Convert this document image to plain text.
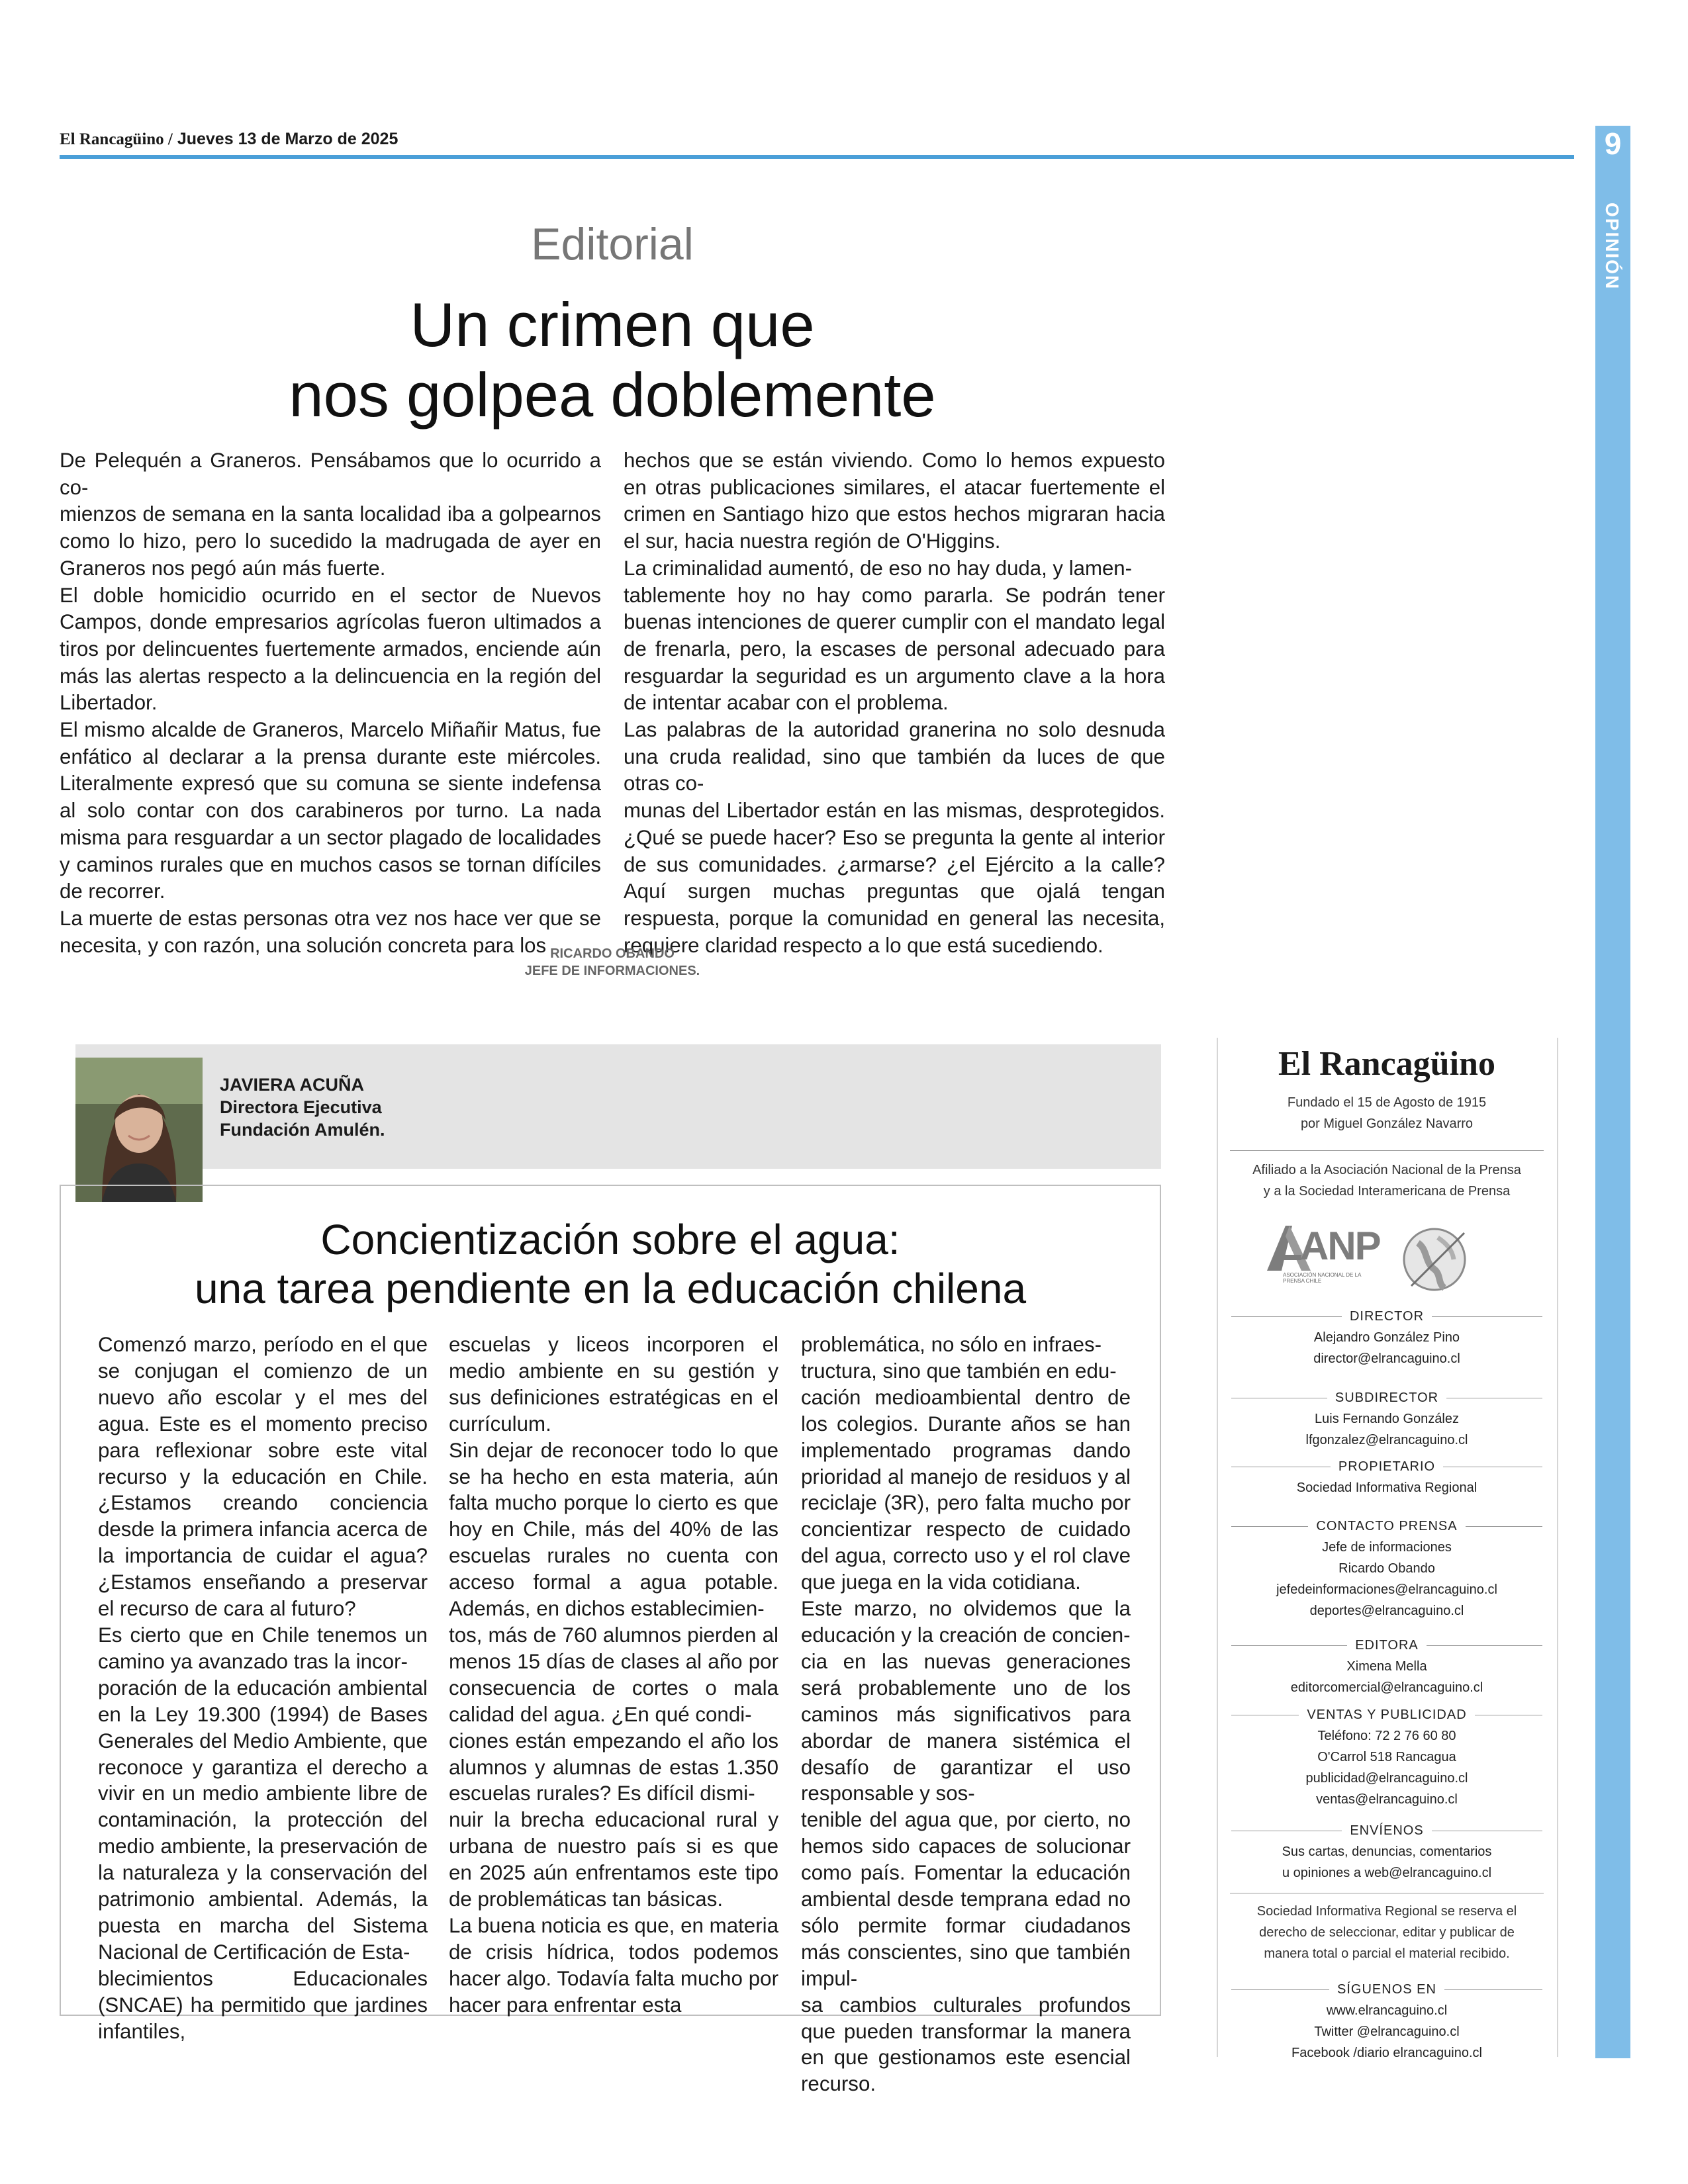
El Rancagüino / Jueves 13 de Marzo de 2025	9
OPINIÓN
Editorial
Un crimen que
nos golpea doblemente
De Pelequén a Graneros. Pensábamos que lo ocurrido a co-
mienzos de semana en la santa localidad iba a golpearnos como lo hizo, pero lo sucedido la madrugada de ayer en Graneros nos pegó aún más fuerte.
El doble homicidio ocurrido en el sector de Nuevos Campos, donde empresarios agrícolas fueron ultimados a tiros por delincuentes fuertemente armados, enciende aún más las alertas respecto a la delincuencia en la región del Libertador.
El mismo alcalde de Graneros, Marcelo Miñañir Matus, fue enfático al declarar a la prensa durante este miércoles. Literalmente expresó que su comuna se siente indefensa al solo contar con dos carabineros por turno. La nada misma para resguardar a un sector plagado de localidades y caminos rurales que en muchos casos se tornan difíciles de recorrer.
La muerte de estas personas otra vez nos hace ver que se necesita, y con razón, una solución concreta para los
hechos que se están viviendo. Como lo hemos expuesto en otras publicaciones similares, el atacar fuertemente el crimen en Santiago hizo que estos hechos migraran hacia el sur, hacia nuestra región de O'Higgins.
La criminalidad aumentó, de eso no hay duda, y lamen-
tablemente hoy no hay como pararla. Se podrán tener buenas intenciones de querer cumplir con el mandato legal de frenarla, pero, la escases de personal adecuado para resguardar la seguridad es un argumento clave a la hora de intentar acabar con el problema.
Las palabras de la autoridad granerina no solo desnuda una cruda realidad, sino que también da luces de que otras co-
munas del Libertador están en las mismas, desprotegidos. ¿Qué se puede hacer? Eso se pregunta la gente al interior de sus comunidades. ¿armarse? ¿el Ejército a la calle? Aquí surgen muchas preguntas que ojalá tengan respuesta, porque la comunidad en general las necesita, requiere claridad respecto a lo que está sucediendo.
RICARDO OBANDO
JEFE DE INFORMACIONES.
JAVIERA ACUÑA
Directora Ejecutiva
Fundación Amulén.
Concientización sobre el agua:
una tarea pendiente en la educación chilena
Comenzó marzo, período en el que se conjugan el comienzo de un nuevo año escolar y el mes del agua. Este es el momento preciso para reflexionar sobre este vital recurso y la educación en Chile. ¿Estamos creando conciencia desde la primera infancia acerca de la importancia de cuidar el agua? ¿Estamos enseñando a preservar el recurso de cara al futuro?
Es cierto que en Chile tenemos un camino ya avanzado tras la incor-
poración de la educación ambiental en la Ley 19.300 (1994) de Bases Generales del Medio Ambiente, que reconoce y garantiza el derecho a vivir en un medio ambiente libre de contaminación, la protección del medio ambiente, la preservación de la naturaleza y la conservación del patrimonio ambiental. Además, la puesta en marcha del Sistema Nacional de Certificación de Esta-
blecimientos Educacionales (SNCAE) ha permitido que jardines infantiles,
escuelas y liceos incorporen el medio ambiente en su gestión y sus definiciones estratégicas en el currículum.
Sin dejar de reconocer todo lo que se ha hecho en esta materia, aún falta mucho porque lo cierto es que hoy en Chile, más del 40% de las escuelas rurales no cuenta con acceso formal a agua potable. Además, en dichos establecimien-
tos, más de 760 alumnos pierden al menos 15 días de clases al año por consecuencia de cortes o mala calidad del agua. ¿En qué condi-
ciones están empezando el año los alumnos y alumnas de estas 1.350 escuelas rurales? Es difícil dismi-
nuir la brecha educacional rural y urbana de nuestro país si es que en 2025 aún enfrentamos este tipo de problemáticas tan básicas.
La buena noticia es que, en materia de crisis hídrica, todos podemos hacer algo. Todavía falta mucho por hacer para enfrentar esta
problemática, no sólo en infraes-
tructura, sino que también en edu-
cación medioambiental dentro de los colegios. Durante años se han implementado programas dando prioridad al manejo de residuos y al reciclaje (3R), pero falta mucho por concientizar respecto de cuidado del agua, correcto uso y el rol clave que juega en la vida cotidiana.
Este marzo, no olvidemos que la educación y la creación de concien-
cia en las nuevas generaciones será probablemente uno de los caminos más significativos para abordar de manera sistémica el desafío de garantizar el uso responsable y sos-
tenible del agua que, por cierto, no hemos sido capaces de solucionar como país. Fomentar la educación ambiental desde temprana edad no sólo permite formar ciudadanos más conscientes, sino que también impul-
sa cambios culturales profundos que pueden transformar la manera en que gestionamos este esencial recurso.
El Rancagüino
Fundado el 15 de Agosto de 1915
por Miguel González Navarro
Afiliado a la Asociación Nacional de la Prensa
y a la Sociedad Interamericana de Prensa
ANP
ASOCIACIÓN NACIONAL DE LA PRENSA CHILE
DIRECTOR
Alejandro González Pino
director@elrancaguino.cl
SUBDIRECTOR
Luis Fernando González
lfgonzalez@elrancaguino.cl
PROPIETARIO
Sociedad Informativa Regional
CONTACTO PRENSA
Jefe de informaciones
Ricardo Obando
jefedeinformaciones@elrancaguino.cl
deportes@elrancaguino.cl
EDITORA
Ximena Mella
editorcomercial@elrancaguino.cl
VENTAS Y PUBLICIDAD
Teléfono: 72 2 76 60 80
O'Carrol 518 Rancagua
publicidad@elrancaguino.cl
ventas@elrancaguino.cl
ENVÍENOS
Sus cartas, denuncias, comentarios
u opiniones a web@elrancaguino.cl
Sociedad Informativa Regional se reserva el
derecho de seleccionar, editar y publicar de
manera total o parcial el material recibido.
SÍGUENOS EN
www.elrancaguino.cl
Twitter @elrancaguino.cl
Facebook /diario elrancaguino.cl
